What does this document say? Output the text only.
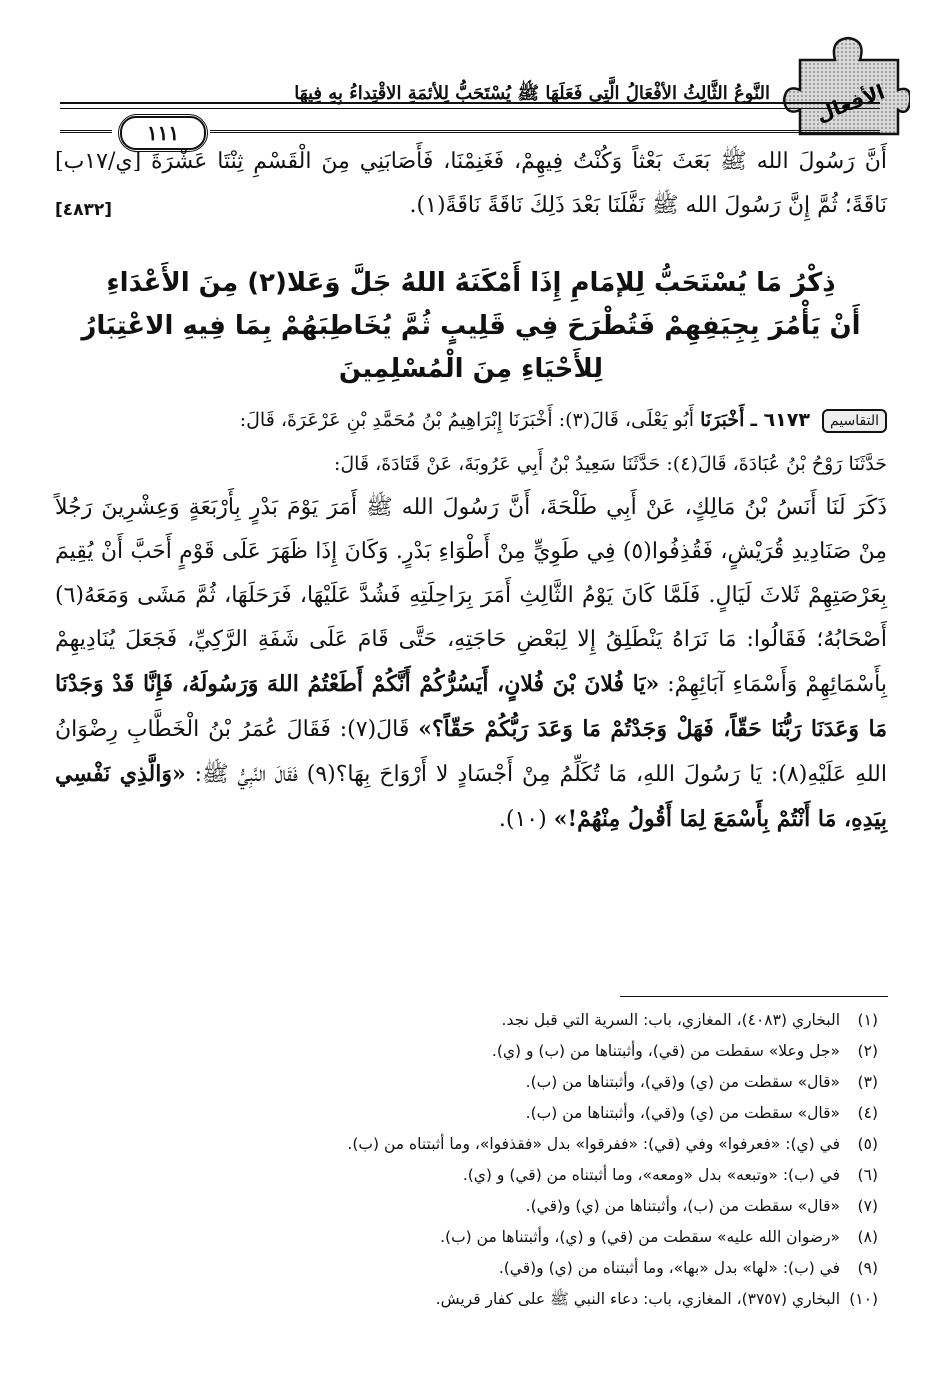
الأفعال
النَّوعُ الثَّالِثُ الأفْعَالُ الَّتِي فَعَلَهَا ﷺ يُسْتَحَبُّ لِلأئمَةِ الاقْتِداءُ بِهِ فِيهَا
١١١
أَنَّ رَسُولَ الله ﷺ بَعَثَ بَعْثاً وَكُنْتُ فِيهِمْ، فَغَنِمْنَا، فَأَصَابَنِي مِنَ الْقَسْمِ ثِنْتَا عَشْرَةَ [ي/١٧ب] نَاقَةً؛ ثُمَّ إِنَّ رَسُولَ الله ﷺ نَفَّلَنَا بَعْدَ ذَلِكَ نَاقَةً نَاقَةً(١).
[٤٨٣٢]
ذِكْرُ مَا يُسْتَحَبُّ لِلإمَامِ إِذَا أَمْكَنَهُ اللهُ جَلَّ وَعَلا(٢) مِنَ الأَعْدَاءِ
أَنْ يَأْمُرَ بِجِيَفِهِمْ فَتُطْرَحَ فِي قَلِيبٍ ثُمَّ يُخَاطِبَهُمْ بِمَا فِيهِ الاعْتِبَارُ
لِلأَحْيَاءِ مِنَ الْمُسْلِمِينَ
التقاسيم ٦١٧٣ ـ أَخْبَرَنَا أَبُو يَعْلَى، قَالَ(٣): أَخْبَرَنَا إِبْرَاهِيمُ بْنُ مُحَمَّدِ بْنِ عَرْعَرَةَ، قَالَ:
حَدَّثَنَا رَوْحُ بْنُ عُبَادَةَ، قَالَ(٤): حَدَّثَنَا سَعِيدُ بْنُ أَبِي عَرُوبَةَ، عَنْ قَتَادَةَ، قَالَ:
ذَكَرَ لَنَا أَنَسُ بْنُ مَالِكٍ، عَنْ أَبِي طَلْحَةَ، أَنَّ رَسُولَ الله ﷺ أَمَرَ يَوْمَ بَدْرٍ بِأَرْبَعَةٍ وَعِشْرِينَ رَجُلاً مِنْ صَنَادِيدِ قُرَيْشٍ، فَقُذِفُوا(٥) فِي طَوِيٍّ مِنْ أَطْوَاءِ بَدْرٍ. وَكَانَ إِذَا ظَهَرَ عَلَى قَوْمٍ أَحَبَّ أَنْ يُقِيمَ بِعَرْصَتِهِمْ ثَلاثَ لَيَالٍ. فَلَمَّا كَانَ يَوْمُ الثَّالِثِ أَمَرَ بِرَاحِلَتِهِ فَشُدَّ عَلَيْهَا، فَرَحَلَهَا، ثُمَّ مَشَى وَمَعَهُ(٦) أَصْحَابُهُ؛ فَقَالُوا: مَا نَرَاهُ يَنْطَلِقُ إِلا لِبَعْضِ حَاجَتِهِ، حَتَّى قَامَ عَلَى شَفَةِ الرَّكِيِّ، فَجَعَلَ يُنَادِيهِمْ بِأَسْمَائِهِمْ وَأَسْمَاءِ آبَائِهِمْ: «يَا فُلانَ بْنَ فُلانٍ، أَيَسُرُّكُمْ أَنَّكُمْ أَطَعْتُمُ اللهَ وَرَسُولَهُ، فَإِنَّا قَدْ وَجَدْنَا مَا وَعَدَنَا رَبُّنَا حَقّاً، فَهَلْ وَجَدْتُمْ مَا وَعَدَ رَبُّكُمْ حَقّاً؟» قَالَ(٧): فَقَالَ عُمَرُ بْنُ الْخَطَّابِ رِضْوَانُ اللهِ عَلَيْهِ(٨): يَا رَسُولَ اللهِ، مَا تُكَلِّمُ مِنْ أَجْسَادٍ لا أَرْوَاحَ بِهَا؟(٩) فَقَالَ النَّبِيُّ ﷺ: «وَالَّذِي نَفْسِي بِيَدِهِ، مَا أَنْتُمْ بِأَسْمَعَ لِمَا أَقُولُ مِنْهُمْ!» (١٠).
(١)البخاري (٤٠٨٣)، المغازي، باب: السرية التي قبل نجد.
(٢)«جل وعلا» سقطت من (قي)، وأثبتناها من (ب) و (ي).
(٣)«قال» سقطت من (ي) و(قي)، وأثبتناها من (ب).
(٤)«قال» سقطت من (ي) و(قي)، وأثبتناها من (ب).
(٥)في (ي): «فعرفوا» وفي (قي): «ففرقوا» بدل «فقذفوا»، وما أثبتناه من (ب).
(٦)في (ب): «وتبعه» بدل «ومعه»، وما أثبتناه من (قي) و (ي).
(٧)«قال» سقطت من (ب)، وأثبتناها من (ي) و(قي).
(٨)«رضوان الله عليه» سقطت من (قي) و (ي)، وأثبتناها من (ب).
(٩)في (ب): «لها» بدل «بها»، وما أثبتناه من (ي) و(قي).
(١٠)البخاري (٣٧٥٧)، المغازي، باب: دعاء النبي ﷺ على كفار قريش.
